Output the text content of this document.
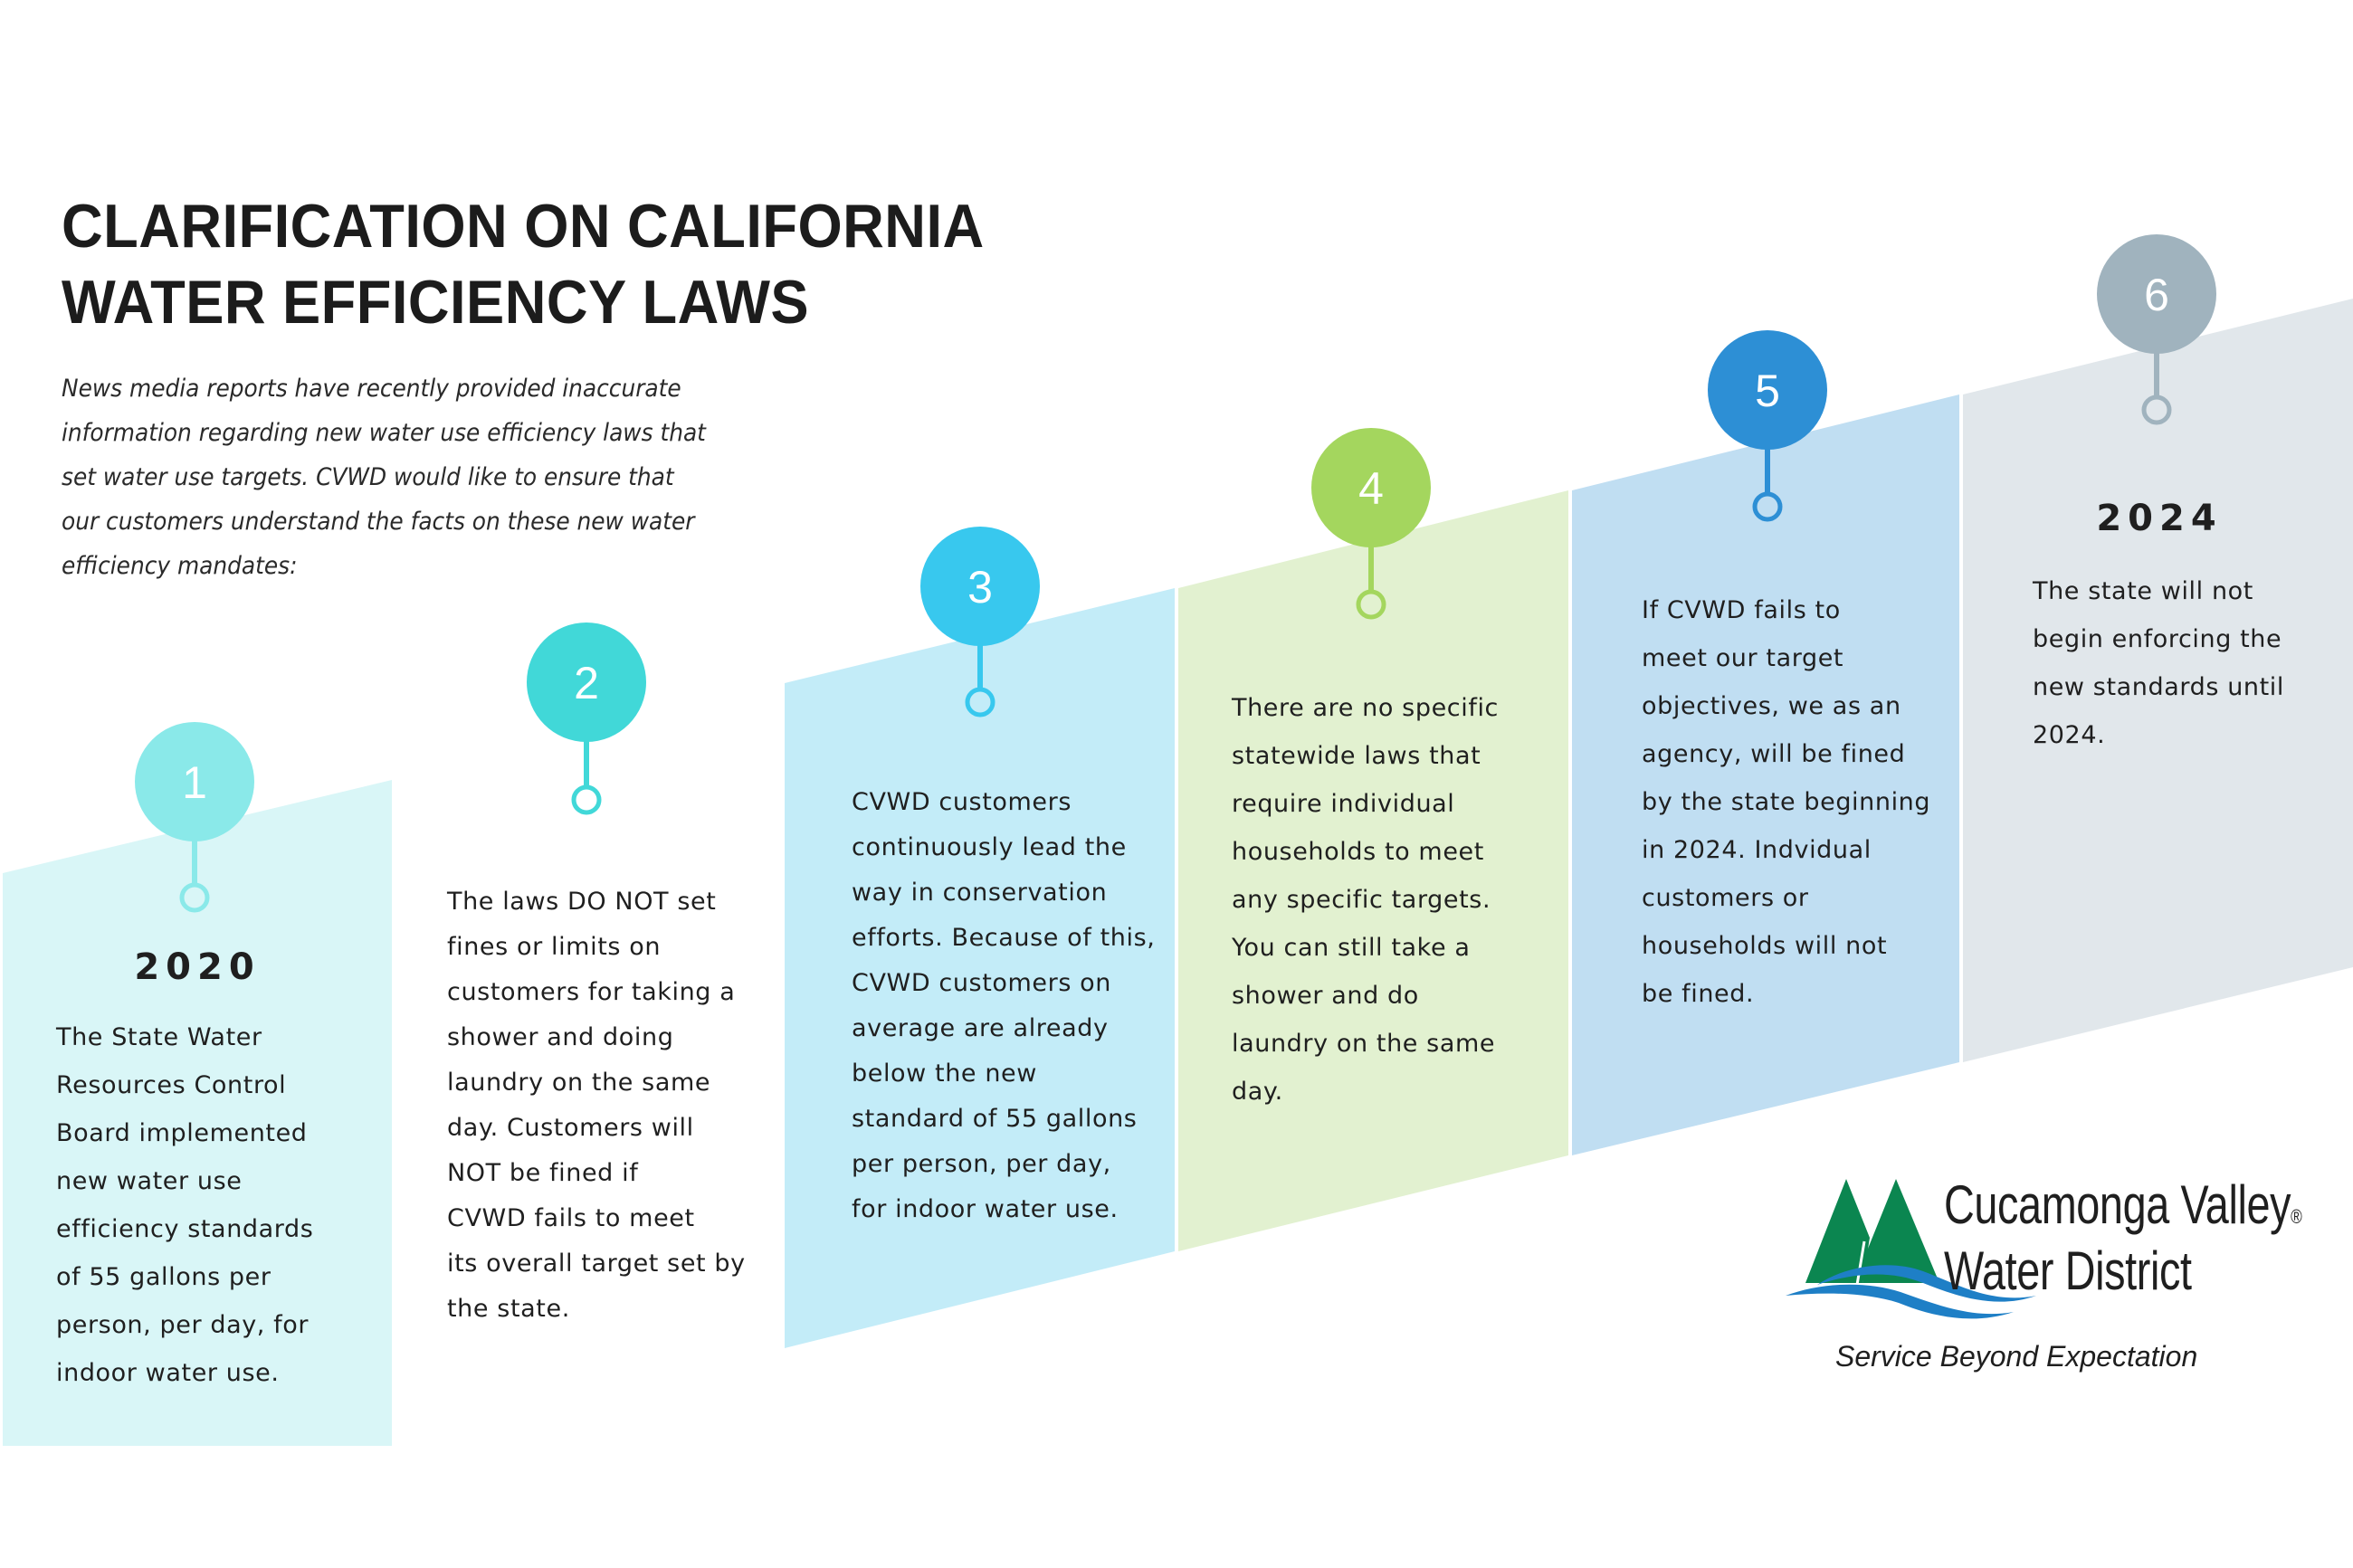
1
2
3
4
5
6
CLARIFICATION ON CALIFORNIA
WATER EFFICIENCY LAWS
News media reports have recently provided inaccurate
information regarding new water use efficiency laws that
set water use targets. CVWD would like to ensure that
our customers understand the facts on these new water
efficiency mandates:
2020
The State Water
Resources Control
Board implemented
new water use
efficiency standards
of 55 gallons per
person, per day, for
indoor water use.
The laws DO NOT set
fines or limits on
customers for taking a
shower and doing
laundry on the same
day. Customers will
NOT be fined if
CVWD fails to meet
its overall target set by
the state.
CVWD customers
continuously lead the
way in conservation
efforts. Because of this,
CVWD customers on
average are already
below the new
standard of 55 gallons
per person, per day,
for indoor water use.
There are no specific
statewide laws that
require individual
households to meet
any specific targets.
You can still take a
shower and do
laundry on the same
day.
If CVWD fails to
meet our target
objectives, we as an
agency, will be fined
by the state beginning
in 2024. Indvidual
customers or
households will not
be fined.
2024
The state will not
begin enforcing the
new standards until
2024.
Cucamonga Valley®
Water District
Service Beyond Expectation
